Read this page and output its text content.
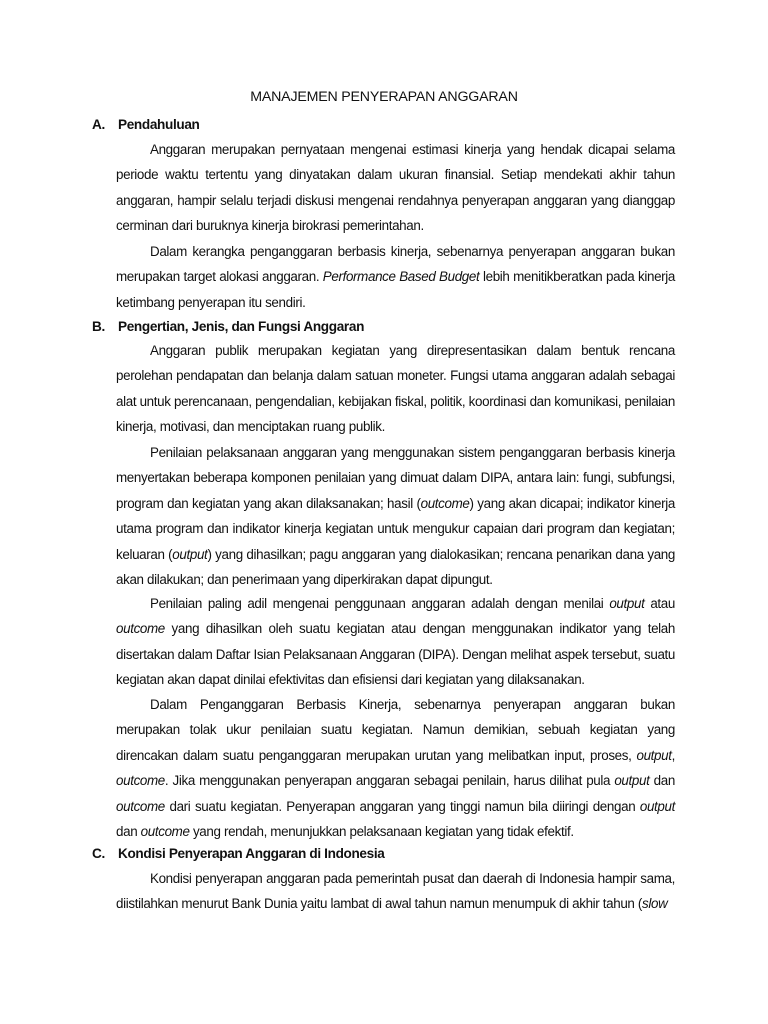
MANAJEMEN PENYERAPAN ANGGARAN
A. Pendahuluan

Anggaran merupakan pernyataan mengenai estimasi kinerja yang hendak dicapai selama periode waktu tertentu yang dinyatakan dalam ukuran finansial. Setiap mendekati akhir tahun anggaran, hampir selalu terjadi diskusi mengenai rendahnya penyerapan anggaran yang dianggap cerminan dari buruknya kinerja birokrasi pemerintahan.

Dalam kerangka penganggaran berbasis kinerja, sebenarnya penyerapan anggaran bukan merupakan target alokasi anggaran. Performance Based Budget lebih menitikberatkan pada kinerja ketimbang penyerapan itu sendiri.

B. Pengertian, Jenis, dan Fungsi Anggaran

Anggaran publik merupakan kegiatan yang direpresentasikan dalam bentuk rencana perolehan pendapatan dan belanja dalam satuan moneter. Fungsi utama anggaran adalah sebagai alat untuk perencanaan, pengendalian, kebijakan fiskal, politik, koordinasi dan komunikasi, penilaian kinerja, motivasi, dan menciptakan ruang publik.

Penilaian pelaksanaan anggaran yang menggunakan sistem penganggaran berbasis kinerja menyertakan beberapa komponen penilaian yang dimuat dalam DIPA, antara lain: fungi, subfungsi, program dan kegiatan yang akan dilaksanakan; hasil (outcome) yang akan dicapai; indikator kinerja utama program dan indikator kinerja kegiatan untuk mengukur capaian dari program dan kegiatan; keluaran (output) yang dihasilkan; pagu anggaran yang dialokasikan; rencana penarikan dana yang akan dilakukan; dan penerimaan yang diperkirakan dapat dipungut.

Penilaian paling adil mengenai penggunaan anggaran adalah dengan menilai output atau outcome yang dihasilkan oleh suatu kegiatan atau dengan menggunakan indikator yang telah disertakan dalam Daftar Isian Pelaksanaan Anggaran (DIPA). Dengan melihat aspek tersebut, suatu kegiatan akan dapat dinilai efektivitas dan efisiensi dari kegiatan yang dilaksanakan.

Dalam Penganggaran Berbasis Kinerja, sebenarnya penyerapan anggaran bukan merupakan tolak ukur penilaian suatu kegiatan. Namun demikian, sebuah kegiatan yang direncakan dalam suatu penganggaran merupakan urutan yang melibatkan input, proses, output, outcome. Jika menggunakan penyerapan anggaran sebagai penilain, harus dilihat pula output dan outcome dari suatu kegiatan. Penyerapan anggaran yang tinggi namun bila diiringi dengan output dan outcome yang rendah, menunjukkan pelaksanaan kegiatan yang tidak efektif.

C. Kondisi Penyerapan Anggaran di Indonesia

Kondisi penyerapan anggaran pada pemerintah pusat dan daerah di Indonesia hampir sama, diistilahkan menurut Bank Dunia yaitu lambat di awal tahun namun menumpuk di akhir tahun (slow
